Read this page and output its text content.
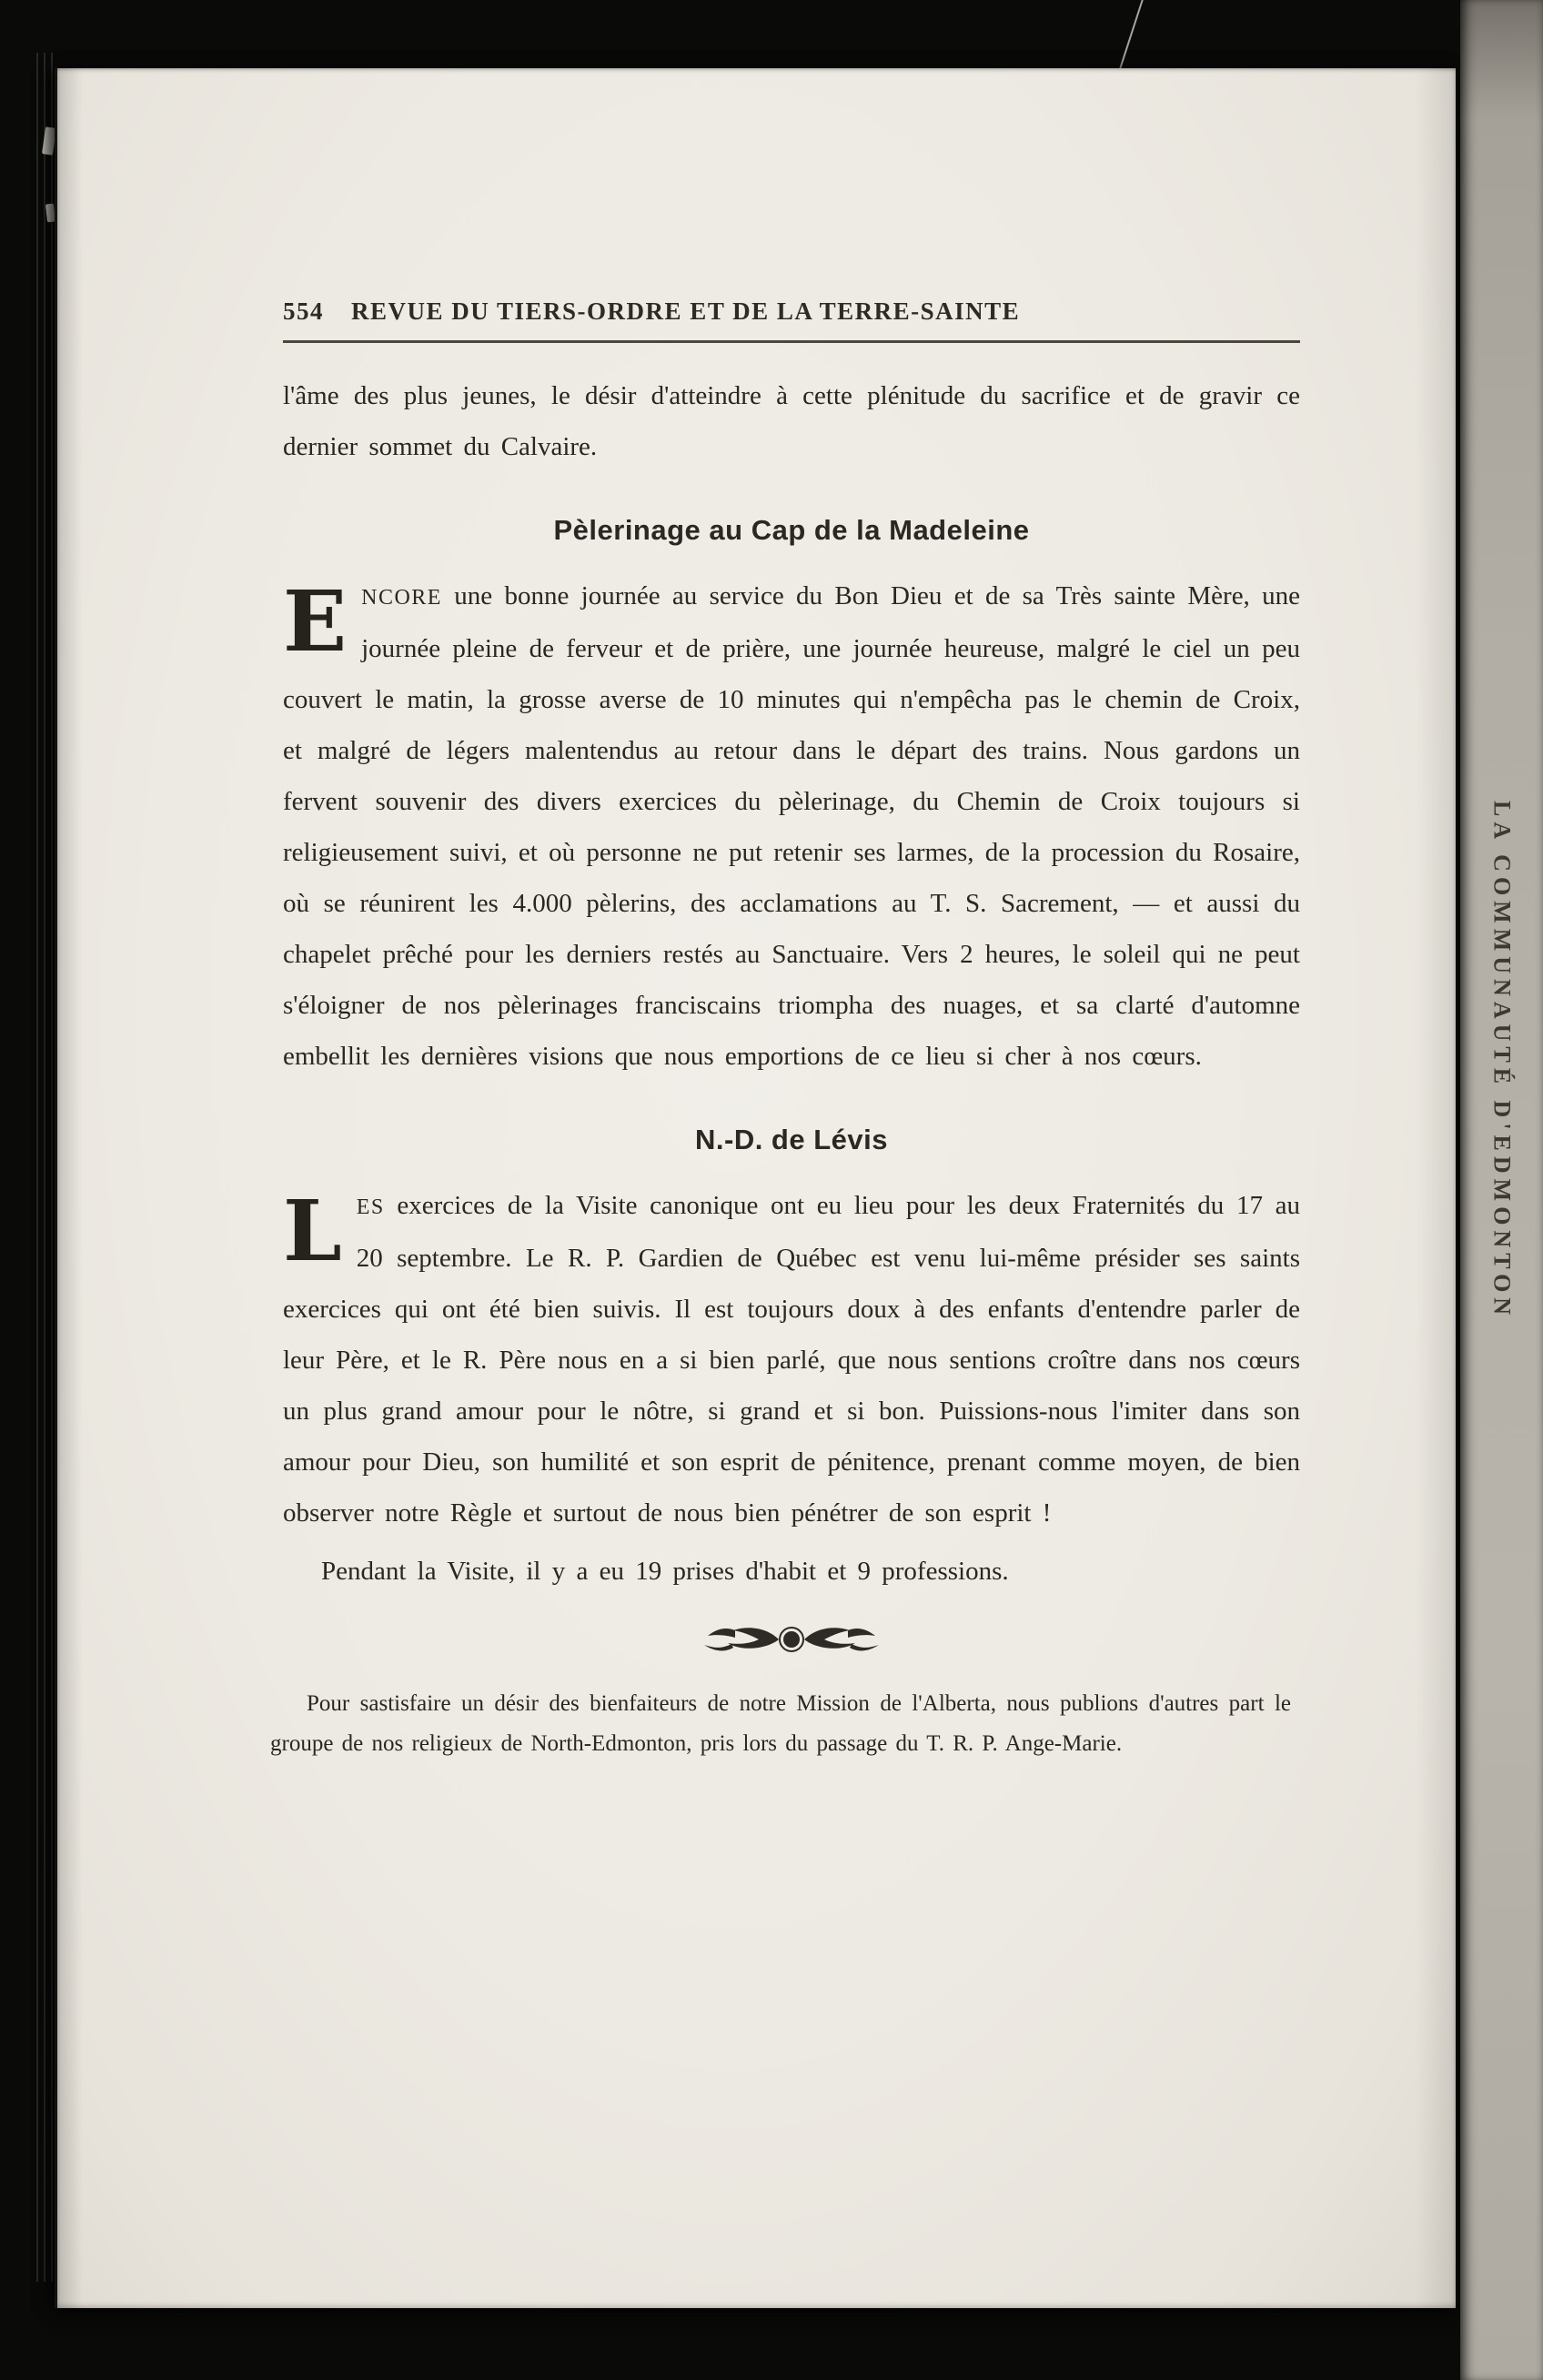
554 REVUE DU TIERS-ORDRE ET DE LA TERRE-SAINTE

l'âme des plus jeunes, le désir d'atteindre à cette plénitude du sacrifice et de gravir ce dernier sommet du Calvaire.

Pèlerinage au Cap de la Madeleine

ENCORE une bonne journée au service du Bon Dieu et de sa Très sainte Mère, une journée pleine de ferveur et de prière, une journée heureuse, malgré le ciel un peu couvert le matin, la grosse averse de 10 minutes qui n'empêcha pas le chemin de Croix, et malgré de légers malentendus au retour dans le départ des trains. Nous gardons un fervent souvenir des divers exercices du pèlerinage, du Chemin de Croix toujours si religieusement suivi, et où personne ne put retenir ses larmes, de la procession du Rosaire, où se réunirent les 4.000 pèlerins, des acclamations au T. S. Sacrement, — et aussi du chapelet prêché pour les derniers restés au Sanctuaire. Vers 2 heures, le soleil qui ne peut s'éloigner de nos pèlerinages franciscains triompha des nuages, et sa clarté d'automne embellit les dernières visions que nous emportions de ce lieu si cher à nos cœurs.

N.-D. de Lévis

LES exercices de la Visite canonique ont eu lieu pour les deux Fraternités du 17 au 20 septembre. Le R. P. Gardien de Québec est venu lui-même présider ses saints exercices qui ont été bien suivis. Il est toujours doux à des enfants d'entendre parler de leur Père, et le R. Père nous en a si bien parlé, que nous sentions croître dans nos cœurs un plus grand amour pour le nôtre, si grand et si bon. Puissions-nous l'imiter dans son amour pour Dieu, son humilité et son esprit de pénitence, prenant comme moyen, de bien observer notre Règle et surtout de nous bien pénétrer de son esprit !

Pendant la Visite, il y a eu 19 prises d'habit et 9 professions.

Pour sastisfaire un désir des bienfaiteurs de notre Mission de l'Alberta, nous publions d'autres part le groupe de nos religieux de North-Edmonton, pris lors du passage du T. R. P. Ange-Marie.

LA COMMUNAUTÉ D'EDMONTON
